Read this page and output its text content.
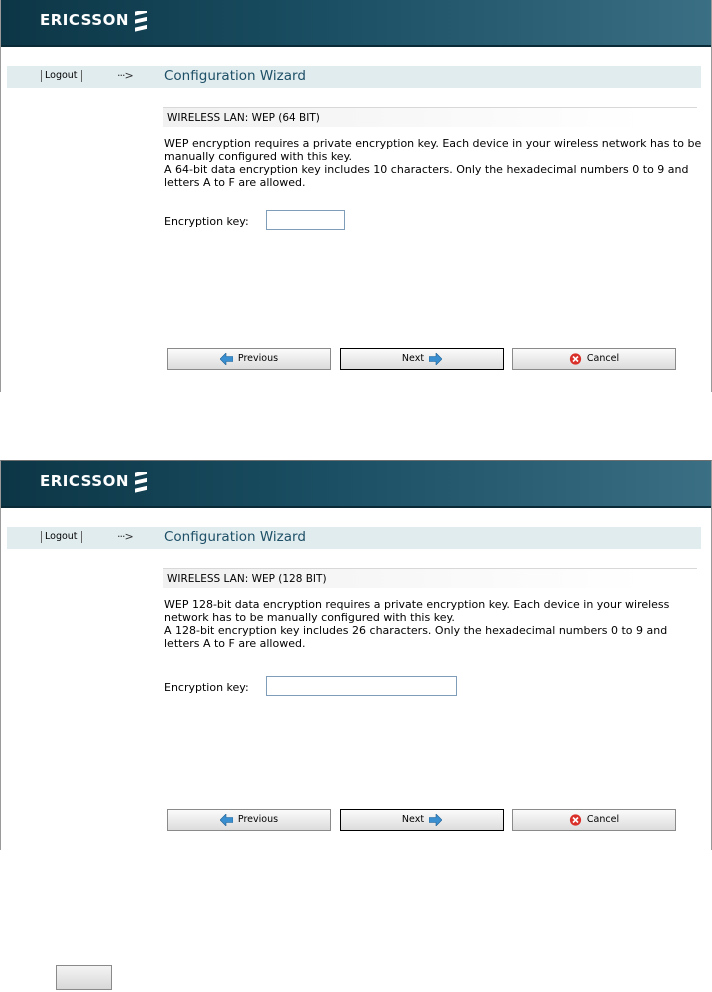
ERICSSON
Logout	···> Configuration Wizard
WIRELESS LAN: WEP (64 BIT)

WEP encryption requires a private encryption key. Each device in your wireless network has to be manually configured with this key.

A 64-bit data encryption key includes 10 characters. Only the hexadecimal numbers 0 to 9 and letters A to F are allowed.

Encryption key:
Previous	Next	Cancel
ERICSSON
Logout	···> Configuration Wizard
WIRELESS LAN: WEP (128 BIT)

WEP 128-bit data encryption requires a private encryption key. Each device in your wireless network has to be manually configured with this key.

A 128-bit encryption key includes 26 characters. Only the hexadecimal numbers 0 to 9 and letters A to F are allowed.

Encryption key:
Previous	Next	Cancel
